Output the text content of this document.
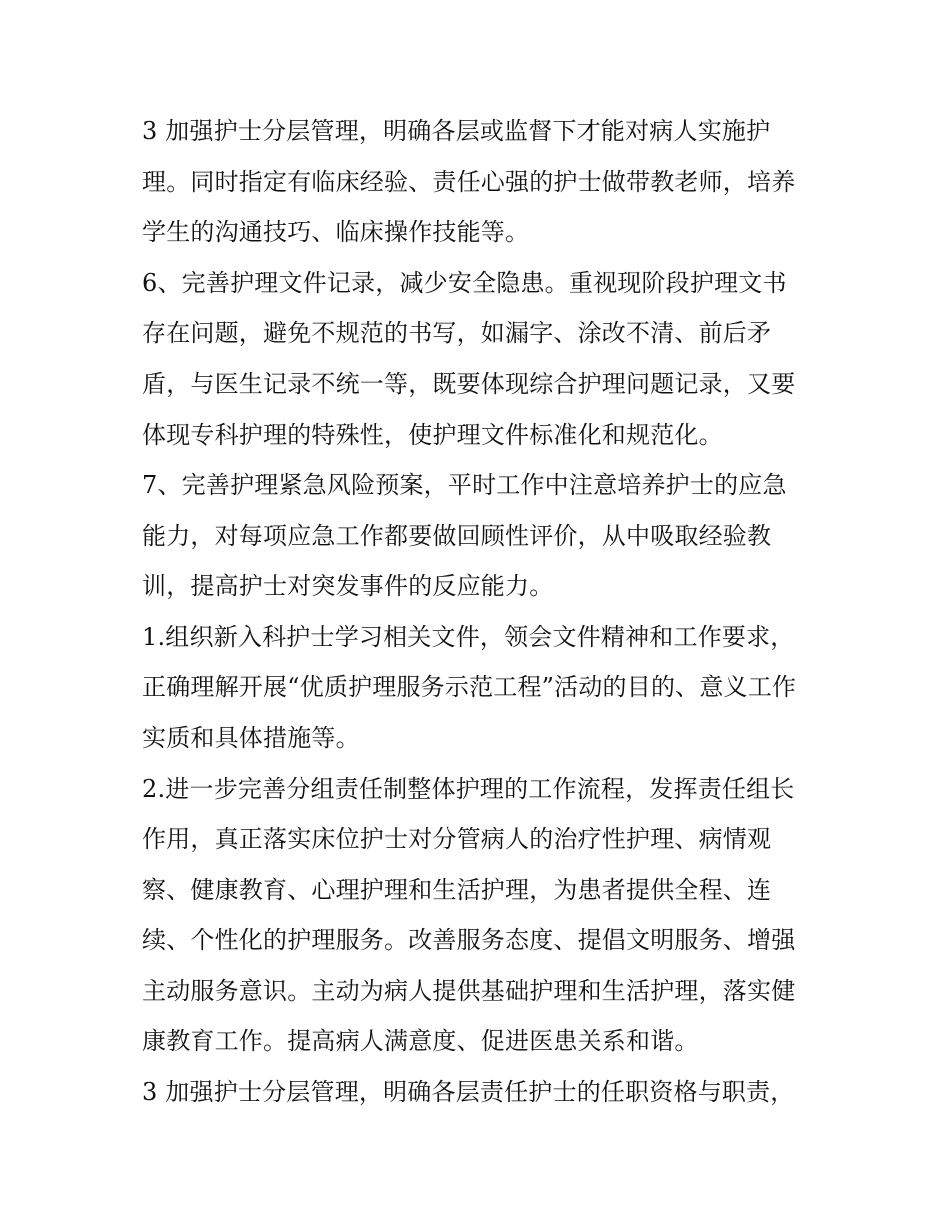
3 加强护士分层管理，明确各层或监督下才能对病人实施护
理。同时指定有临床经验、责任心强的护士做带教老师，培养
学生的沟通技巧、临床操作技能等。
6、完善护理文件记录，减少安全隐患。重视现阶段护理文书
存在问题，避免不规范的书写，如漏字、涂改不清、前后矛
盾，与医生记录不统一等，既要体现综合护理问题记录，又要
体现专科护理的特殊性，使护理文件标准化和规范化。
7、完善护理紧急风险预案，平时工作中注意培养护士的应急
能力，对每项应急工作都要做回顾性评价，从中吸取经验教
训，提高护士对突发事件的反应能力。
1.组织新入科护士学习相关文件，领会文件精神和工作要求，
正确理解开展“优质护理服务示范工程”活动的目的、意义工作
实质和具体措施等。
2.进一步完善分组责任制整体护理的工作流程，发挥责任组长
作用，真正落实床位护士对分管病人的治疗性护理、病情观
察、健康教育、心理护理和生活护理，为患者提供全程、连
续、个性化的护理服务。改善服务态度、提倡文明服务、增强
主动服务意识。主动为病人提供基础护理和生活护理，落实健
康教育工作。提高病人满意度、促进医患关系和谐。
3 加强护士分层管理，明确各层责任护士的任职资格与职责，
